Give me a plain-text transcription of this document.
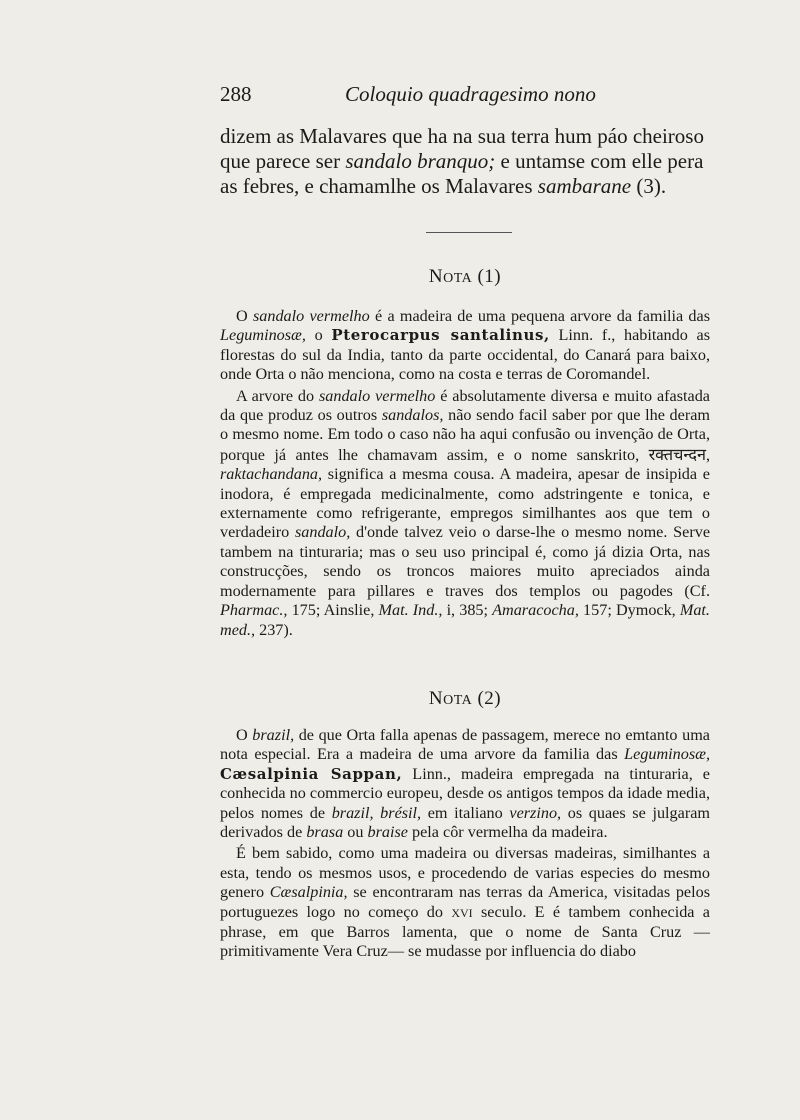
288	Coloquio quadragesimo nono

dizem as Malavares que ha na sua terra hum páo cheiroso

que parece ser sandalo branquo; e untamse com elle pera

as febres, e chamamlhe os Malavares sambarane (3).

NOTA (1)

O sandalo vermelho é a madeira de uma pequena arvore da familia das Leguminosæ, o Pterocarpus santalinus, Linn. f., habitando as florestas do sul da India, tanto da parte occidental, do Canará para baixo, onde Orta o não menciona, como na costa e terras de Coromandel.

A arvore do sandalo vermelho é absolutamente diversa e muito afastada da que produz os outros sandalos, não sendo facil saber por que lhe deram o mesmo nome. Em todo o caso não ha aqui confusão ou invenção de Orta, porque já antes lhe chamavam assim, e o nome sanskrito, रक्तचन्दन, raktachandana, significa a mesma cousa. A madeira, apesar de insipida e inodora, é empregada medicinalmente, como adstringente e tonica, e externamente como refrigerante, empregos similhantes aos que tem o verdadeiro sandalo, d'onde talvez veio o darse-lhe o mesmo nome. Serve tambem na tinturaria; mas o seu uso principal é, como já dizia Orta, nas construcções, sendo os troncos maiores muito apreciados ainda modernamente para pillares e traves dos templos ou pagodes (Cf. Pharmac., 175; Ainslie, Mat. Ind., i, 385; Amaracocha, 157; Dymock, Mat. med., 237).

NOTA (2)

O brazil, de que Orta falla apenas de passagem, merece no emtanto uma nota especial. Era a madeira de uma arvore da familia das Leguminosæ, Cæsalpinia Sappan, Linn., madeira empregada na tinturaria, e conhecida no commercio europeu, desde os antigos tempos da idade media, pelos nomes de brazil, brésil, em italiano verzino, os quaes se julgaram derivados de brasa ou braise pela côr vermelha da madeira.

É bem sabido, como uma madeira ou diversas madeiras, similhantes a esta, tendo os mesmos usos, e procedendo de varias especies do mesmo genero Cæsalpinia, se encontraram nas terras da America, visitadas pelos portuguezes logo no começo do XVI seculo. E é tambem conhecida a phrase, em que Barros lamenta, que o nome de Santa Cruz —primitivamente Vera Cruz— se mudasse por influencia do diabo
